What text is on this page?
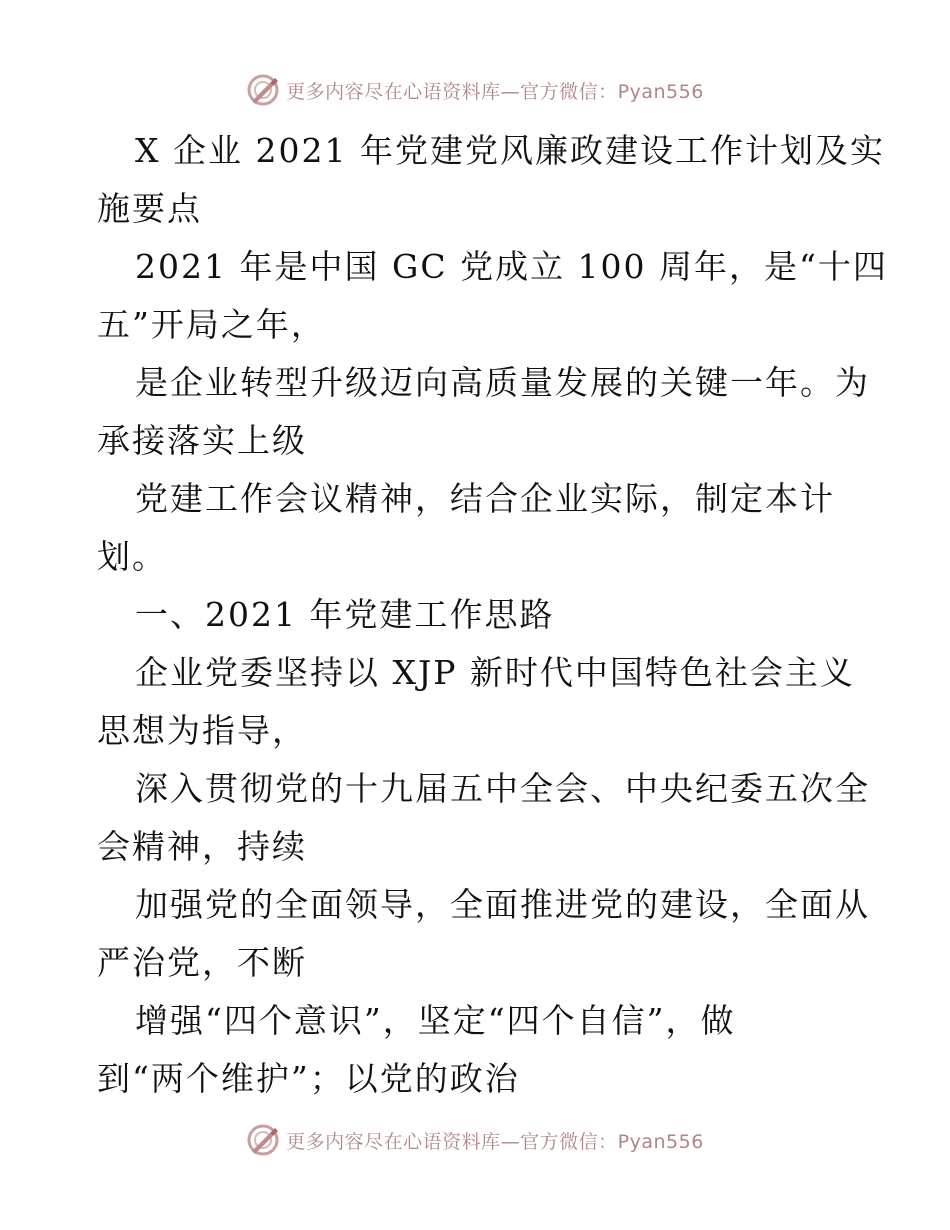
更多内容尽在心语资料库—官方微信：Pyan556
X 企业 2021 年党建党风廉政建设工作计划及实
施要点
2021 年是中国 GC 党成立 100 周年，是“十四
五”开局之年，
是企业转型升级迈向高质量发展的关键一年。为
承接落实上级
党建工作会议精神，结合企业实际，制定本计
划。
一、2021 年党建工作思路
企业党委坚持以 XJP 新时代中国特色社会主义
思想为指导，
深入贯彻党的十九届五中全会、中央纪委五次全
会精神，持续
加强党的全面领导，全面推进党的建设，全面从
严治党，不断
增强“四个意识”，坚定“四个自信”，做
到“两个维护”；以党的政治
更多内容尽在心语资料库—官方微信：Pyan556
